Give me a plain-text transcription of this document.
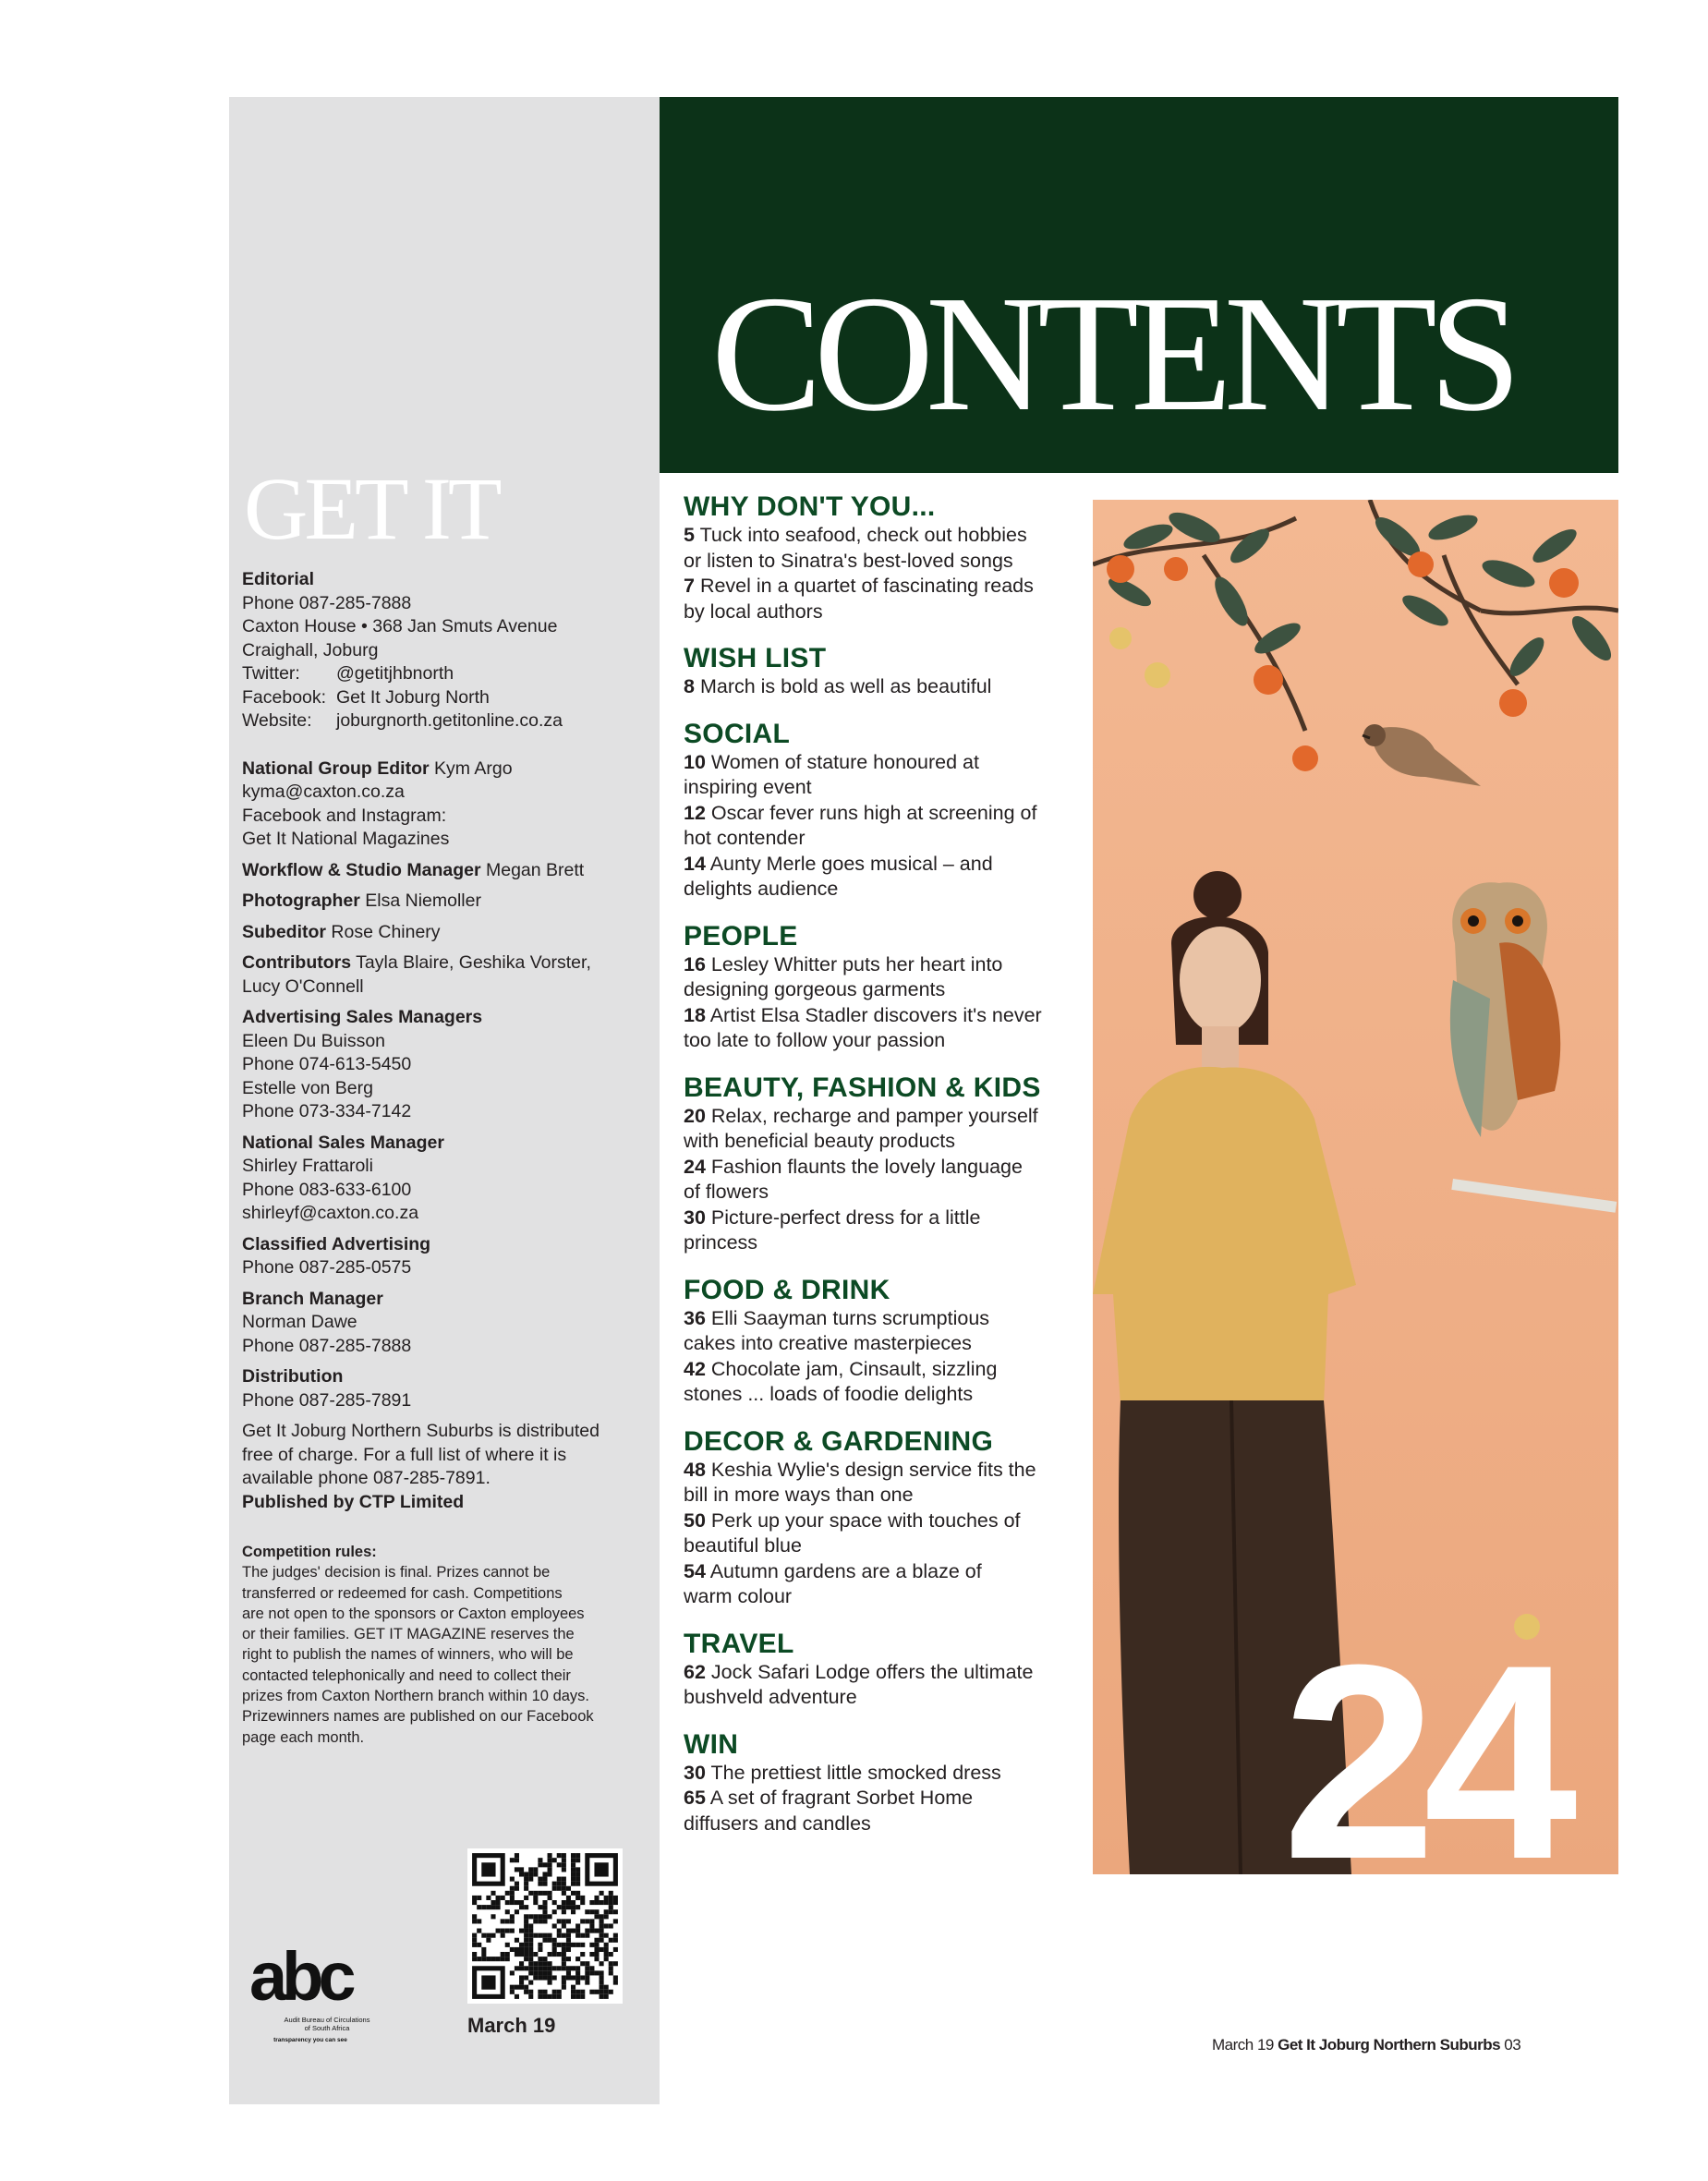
GET IT
Editorial
Phone 087-285-7888
Caxton House • 368 Jan Smuts Avenue
Craighall, Joburg
Twitter: @getitjhbnorth
Facebook: Get It Joburg North
Website: joburgnorth.getitonline.co.za
National Group Editor Kym Argo
kyma@caxton.co.za
Facebook and Instagram:
Get It National Magazines
Workflow & Studio Manager Megan Brett
Photographer Elsa Niemoller
Subeditor Rose Chinery
Contributors Tayla Blaire, Geshika Vorster,
Lucy O'Connell
Advertising Sales Managers
Eleen Du Buisson
Phone 074-613-5450
Estelle von Berg
Phone 073-334-7142
National Sales Manager
Shirley Frattaroli
Phone 083-633-6100
shirleyf@caxton.co.za
Classified Advertising
Phone 087-285-0575
Branch Manager
Norman Dawe
Phone 087-285-7888
Distribution
Phone 087-285-7891
Get It Joburg Northern Suburbs is distributed
free of charge. For a full list of where it is
available phone 087-285-7891.
Published by CTP Limited
Competition rules:
The judges' decision is final. Prizes cannot be
transferred or redeemed for cash. Competitions
are not open to the sponsors or Caxton employees
or their families. GET IT MAGAZINE reserves the
right to publish the names of winners, who will be
contacted telephonically and need to collect their
prizes from Caxton Northern branch within 10 days.
Prizewinners names are published on our Facebook
page each month.
abc
Audit Bureau of Circulations
of South Africa
transparency you can see
March 19
CONTENTS
WHY DON'T YOU...
5 Tuck into seafood, check out hobbies
or listen to Sinatra's best-loved songs
7 Revel in a quartet of fascinating reads
by local authors
WISH LIST
8 March is bold as well as beautiful
SOCIAL
10 Women of stature honoured at
inspiring event
12 Oscar fever runs high at screening of
hot contender
14 Aunty Merle goes musical – and
delights audience
PEOPLE
16 Lesley Whitter puts her heart into
designing gorgeous garments
18 Artist Elsa Stadler discovers it's never
too late to follow your passion
BEAUTY, FASHION & KIDS
20 Relax, recharge and pamper yourself
with beneficial beauty products
24 Fashion flaunts the lovely language
of flowers
30 Picture-perfect dress for a little
princess
FOOD & DRINK
36 Elli Saayman turns scrumptious
cakes into creative masterpieces
42 Chocolate jam, Cinsault, sizzling
stones ... loads of foodie delights
DECOR & GARDENING
48 Keshia Wylie's design service fits the
bill in more ways than one
50 Perk up your space with touches of
beautiful blue
54 Autumn gardens are a blaze of
warm colour
TRAVEL
62 Jock Safari Lodge offers the ultimate
bushveld adventure
WIN
30 The prettiest little smocked dress
65 A set of fragrant Sorbet Home
diffusers and candles	24
March 19 Get It Joburg Northern Suburbs 03
